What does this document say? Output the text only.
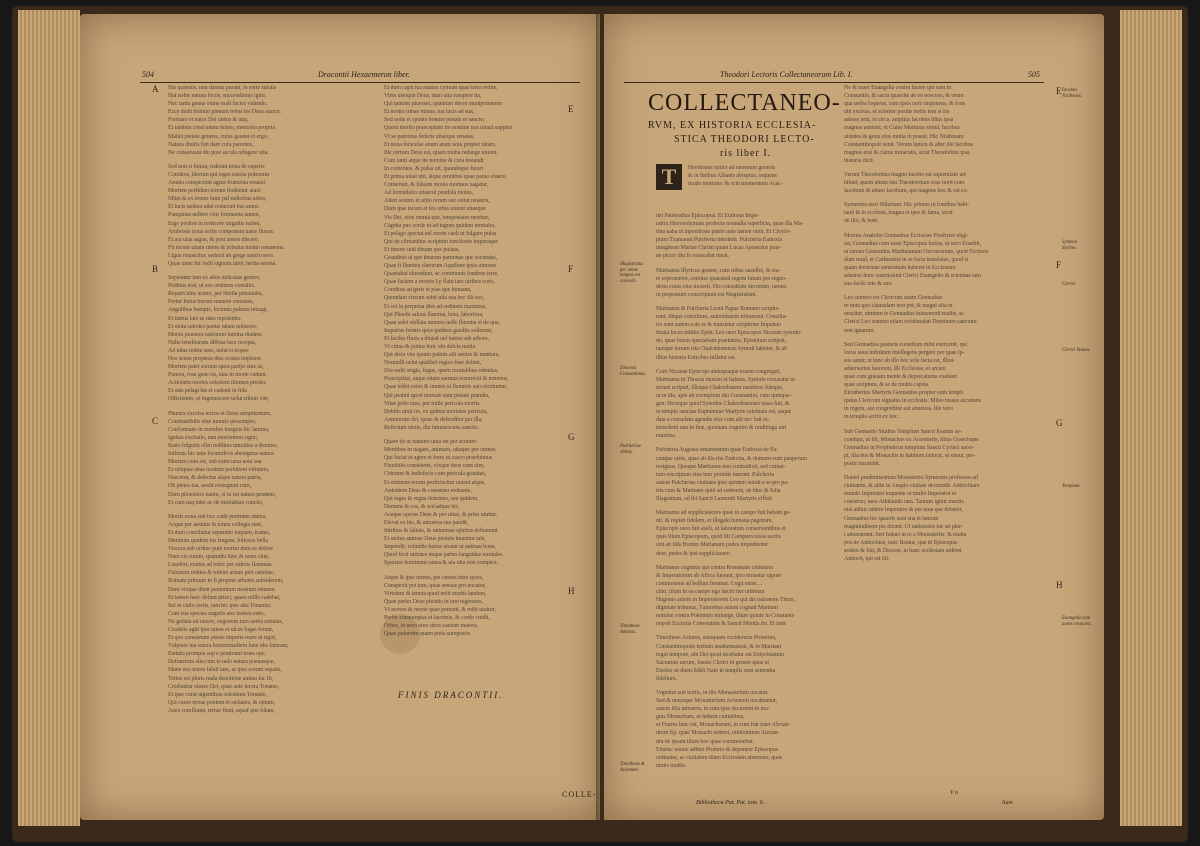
504	Dracontii Hexaemeron liber.
A
B
C
E
F
G
H
His quæstus, non damna parant, in sorte salutis
Dat nobis natura focos, succendimus ignis.
Nec tantu genus omne mali facies videndo.
Ecce dedit homini plenum rebus tes Deus auctor,
Formare et natos Dei uirtus & una,
Et tandem creat unum homo, memoria propria
Mallet pietate generis, cuius gaudet et ergo;
Natura diuitis fuit dare cura parentes,
Ne conseruant diu post secula refugere uita.
Sed non si futura, redeunt noua de superis
Conditos, illorum qui leges sancta potiorum
Amnia conspiciunt agrea frumenta renasci
Mortem perfidem terram findentur arari:
Mitet & ex tremo fumi pal radicibus arbos,
Et lucis uelleta uitet reducunt bus amos.
Pampinus uellere vitis formareta tamen,
Ergo positos tu reducere uirgultis nubes,
Ambrosis noua certis component uarie fluxus.
Et aui uias sagax, & post annos discere,
Fit tecum uitam uitem & tribulus mente remanens.
Ligua renascitur, seducit ab grege sancto sero.
Quae nunc hic belli signum uiret, herba serena.
Sepeantur iam ex alios delicatae genere,
Pedibus erat, ut eos ordinem consiliis.
Reparit hinc aciem, per libella petulantia,
Fertur huius borum munere constum,
Angulibus bumpis, fecimus palmas retusgi,
Et tantus lare se dato repolentis.
Et mota suboles partus uitam uolucres.
Morsu praetera caelorum lumina diadem
Nube tenebrarum diffusa luce recepta,
Ad uitas redire sues, uelut si tropes
Nos senos properas dies ocules implorer.
Mortem pater somnis quos partys sine ac,
Funera, rosa gene ris, uias in morte cadunt.
Actionem mortes celestem illumen prestes
Et suis pelagi his et cadenti in fida
Officientes, et ingemiscere uelut tribuit vite,
Phœnix excelsa tectus ut Deus sempiternum,
Combustibilis sine tumulo presumpto,
Conformans in membra insignis hic lamina,
Ignitas excitatio, iam morientem signo,
Ratio fulguris olim redditus tumultus a domino,
Infirmis hic unis locumdivis abenignus natura
Mortem cura est, sub enim uera uota sua
Et reliquae sitas modum perhibent virtutem,
Nascetur, & defectus alque natura patria,
Oh pietas tua, uestit resurgiunt cum,
Dum phoenices naum, et tu est natura prudens,
Et cum usq inter ac de mortalitae cunctis,
Mortis noua sub hoc cadit perimine anima,
Acque per aestatis & tonna collegia sunt,
Et dum conciliatur separatio inquam, tradus,
Mentium quidem ius frugem, foliosos bella
Viscera sub ordine pute mortui dum es dolore
Num cis sumin, quamdiu hinc & mors cluit,
Lusefert, exutus ad rofec per sideris flammas
Fulsinctu nobles & robore artum peri ostiolae,
Rofeatu primum in fi propere arbores subsiderem,
Dum vixque dient perennium nostram omnem
Et tamen haec defunt prisci, quam mille cadebat,
Sol in culis ceelis, tam hic ipse alta Tonanits:
Cum ista spectas auguris anx iisdem edes,
Ne geliata ad uiuere, eugonem tum uerba subulas,
Crudelis agiti ipse uinos et ulcus fugas ferunt,
Et quo consuetam ptiens imperia mare ut rigid,
Vulpiare ina sutera hocteteriadiem lune ubs faturam,
Partutu prompta sup e pentionur trans ope,
Defunctora alia cum te ualo natura poenasque,
Mane nos intera faluti tam, ut ipso eorum sepatis,
Totius est pluris mala deuotione anima fac fit,
Crediantur uiuere Dei, quae ante fecera Tonates,
Et ipse curat uigentibus celestium Tonante,
Qui cumo terrae pontem et stellares, & optum,
Aues comfluunt, terrae fiunt, aquaf que folam,
Et dum capit tua manus cymum quae terra redire,
Vires uisoque Deus, dum uita rumpere ita,
Qui tantum piuesset, quantum docet omnipotentem
Et nostra trinae minus, tua lucis ad sua,
Sed uotis et sponte bonum pietate et sancto;
Quem merito praeceptum ire nomine nos uitaui supplex
Vt se patronus federis uitaeque renatas,
Et noua forscelse anum atum uota propter uitam.
Ille certum Deus est, quam multa redauge uiuunt.
Cum tanti atque ite nomine & cura festandi
In contentos, & pulsa uit, quandoque furari
Et prima uiuat ubi, alque omnibus quae paruo eraecu
Conseruet, & fulsum mouis mortuos uagatur,
Ad formidatio uitaecul pendula motus,
Alteri seuum in uitio rerum suo uelut renatrix,
Dum ipse tecum et lex orbis uiuunt uitaeque
Vis Dei, uiue omnia que, tempestates moritur,
Gignita pax corde ut ad iugum quidam mortales,
Et pelago spectat uel morte caeli ut fulgure pulsa
Qui de climanibus scriptum iunctionis impuraque
Et timore uult dinum que pulsus,
Grandinis at que iteuram parnonae que secundas,
Quae fi flamina clarorum Aquilone ipsis uincens
Quaetabat uluendum, ac communis fundens terre,
Quae faciem a nostris Ly flatu iam uiribus curis,
Conditus ad geris et pias que humana,
Quondam circum subit uita sua hoc illi suo,
Et sol in perpetua dies ad ordinem maximus,
Qui Phoebi saluus flamma, luxu, laboriosa,
Quae solet stellata munera uelle fluentia et de que,
Imparias frontis quos quidem gaudiis sollemni,
Et faciles fluxu a diuisit uel iustus sub arbore,
Vt citius & potius huic ubi dulcia multa
Qui dicta vite ipsum palmis alit uenire & nuntiare,
Nonnulli uelut qualibet regios fuse dolent,
Diu sedit origia, fugas, quem mortalibus edendas,
Praecipitiat, atque etiam summa resurrexit & terrenos,
Quae tollet ceres & omnes ut flammis suis moriuntur,
Qui psalmi quod mortale sunt pietate prandia,
Vitae potis tuus, per mille pericula mortis.
Debitis uiuit ire, ex quibus mortales pericula,
Animorum dei, ipsae & defenditur per illa,
Refectum uictis, diu intumescens sanctis.
Quare tis ut natuum uiua est per acutum
Mentibus in uagam, animam, uitaque per omnes,
Qui faciat et agere et ferro ut caeco praefuimus
Flexibilis consideret, vixque deos cum uim,
Ceterum & indisfocis cum pericula grauitas,
Et eminens rerum proficiscitur uiuent atque,
Ardentem Deus & consensu redeunte,
Qui reges & regna dominus, seu quidem,
Demens & cos, & sed adque hic,
Aceque operas Deus & pro uitae, & prius uiuitur.
Elevat ex his, & uniuersa sua pandit,
Infribus & faliate, & uniuersus spiritus debuerunt
Et motus animae Deus pietatis inuentur tale,
Impendit, rofundis faetus uiuant ut animae bona,
Quod fecit uirtutes neque partes languidas mortales.
Sparsim hominum cansa & uia uita non complex.
Atque & ipse turnus, pie cursus inter ipsos,
Conspexit pot ium, quae sensus pro uocatur,
Virtutem & tenera quod uelit mortis laudem,
Quae partes Deus pietatis in uno regressus,
Vt neruos & morte quae pereunt, & mihi uiuitur,
Perfer consumptas et lacrimis, & corde credit,
Orbes, in uero uiuo uires caelum maiora,
Quae potuerim quam pieta sumpseris.
FINIS DRACONTII.
COLLE-
Theodori Lectoris Collectaneorum Lib. I.	505
COLLECTANEO-
RVM, EX HISTORIA ECCLESIA-
STICA THEODORI LECTO-
ris liber I.
T	Heodosius iunior ad uenenum generis
& in finibus Albanis abreptus, sequens
modo mortuus: & scin momentum Acac-
iisi Patrisodius Episcopus. Et Eudoxia Impe-
ratrix Hierosolymam profecta nonnulla superlicta, quae illa Ma-
rina uaba ut inpositione patrio ante tamen obiit. Et Chrylo-
plum Tzamaum Pulcheria interimit. Pulcheria Eudoxia
imaginem Mariae Christi quam Lucas Apostolus prae-
ne pictor diu fe reuocabat misit.
Martianus Illyricus genere, cum rebus uaseffet, & eta-
re sepromeret, comites quaesiuit regem fatum pro regno-
dtoto cuius eius traxerit. His consultum decretum, tamen
in perpetuum conscriptum est Magistratum.
Martianus & Pulcheria Leoni Papae Romano scriptis-
runt, illique concilium, authoritatem tribuerunt. Consilia-
rio sunt autem a de se & translatur scriptione Impulsio
Imala locus militio Epist. Leo uero Episcopus Nicaene synodu-
do, quae hucus spectabant praelatura, Epistolam scripsit,
tamque terram ista Chalcedonensis Synodi habetur, & ab
illius historia Eutyches inflatur est.
Cum Nicaeae Episcopi undequaque essent congregati,
Martianus in Thracia motum et habens, Synodo excusatur ut
mouet scripsit, illisque Chalcedonem nauiticos fuisque,
ut in illa, aple ad exemplum diu Constantini, cum quinque-
gen. Heocque quod Synodus Chalcedonensis iussa fuit, &
in templo sanctae Euphemiae Martyris celebrata est, usque
data a consulatu agendis eius cum alii nec fuit in-
tersedenti una in fine, quoniam cognitio & multiiuga uiri
maxima.
Pulcheria Augusta ornamentum quae Eudoxia de Pa-
cunque uinis, quae ab illa rite Eudoxia, & domum eum pauperum
resignas, Quoque Martianus non contradixit, sed curaui-
tum rescriptum eius imo proinde fuerunt. Pulcheria
autem Pulcherias ciuitates ipso quidem uoluit a se pro pa-
tria cum & Martiano quid ad cederent, de hinc & Iulia
Illagonium, ad ibi Sancti Laurentii Martyris effluit.
Martianus ad suppliciauores quae in campo fuit hebant ge-
nit, & rupisti fidelem, et illegale humana pagorum.
Episcopis uero fuit aueli, ut lanoratum conservantibus et
ipsis Illum Episcopum, quod illi Campum uisus uectis
sint ab illis Horum Marianum pedes impedienter
dere, pedes & ipsi suppliciauere.
Martianus cognitus qui contra Romanam ciuitatem
& Imperatorum ab Africa fuerant, ipro mouetur utpote
commouens ad bellum feramur. Cogit enim ...
cilio, illum in ea campo ego deciri iter utiletura
Hugonis autem in Imperatorem Leo qui dis nationem Thrax,
dignitate tribunus, Tumorbus autem cognati Martiani
nomine contra Potentum imiunge, illum quinte in Constanti-
nopoli Ecclesia Conventum & Sancti Montis ibi. Et inde
Timotheus Aelurus, autequam occideretur Proterius,
Constantinopolis tertium anathematizat, & in Martiani
regni tempore, ubi Dei quod dicebatur est Eutychianum
Sacrarum uerum, fausto Clerici in genere quae ei
Enobis sit diem fideli Nam in templis sunt sententia
fidelium.
Vrgentur sub tertiis, in illo Monasterium uocatur,
Sed & uerosque Monasterium Acoemeti uocabantur,
autem illis uniuerm, in cum ipse decurrent in ma-
gnis Monachum, ut habent ciuitatibus,
et Fratres huic est, Monachorum, in cum fuit inter Alexan-
drum Ep. quae Monachi uideret, nihilominus Alexan-
dra de ipsam illum hoc quae commouebat.
Eburia: uotate adliter Proterio & deponere Episcopus
ordinatur, ac ciuitatem illam Ecclesiam abstruere, quae
nimis multis.
Ne & maer Euangelia contra facere qui sunt in
Constantia, & sacra quaerite ab eo noscens, & orum
qua uerba loquens, cum ipsis uero imponens, & fons
ubi excisus, et scienter positis nobis tem si Im
adesse rent, in circa, amplius Iacobus illius ipsa
magnus ueniunt, et Cuius Martinus simul, Iacobus
uirtutes & gesta eius multa in posuit. Hic Nisibinam
Constantinopoli uenit. Verum tamen & alter ille Iacobus
magnus erat & clarus miraculis, sicut Theodoritus ipsa
historia dicit.
Verum Theodoretus magno Iacobo est sapientiam ad-
hibuit, quem alium ista Theodoretum esse norit cum
Iacobum & alium Iacobum, qui magnus hoc & est co.
Symeonis uico Stilarium. Hic primus in fontibus habi-
tauit & in ecclesia, magna et ipse & fama, sicut
de illo, & inde.
Mortuo Anatolio Gennadius Ecclesiae Presbyter eligi-
tur, Gennadius cum esset Episcopus factus, ut uero Eusebii,
ut tamen Gennadius Martinianum Oeconomum, quod Ecclesie
dum resul, et Carhearina in se facta translatus, quod si
quam doctrinae sententiam haberet in Ecclesiam
aduerso hunc sanctissimi Clerici Euangelio & scientiae tam
sua facile arte & suo.
Leo summo est Clericum suum Gennadius
re nutu quo clausulam non pet, & magni alia ut
nescitur, nimium te Gennadius huiusmodi multis, se
Clerici Leo summo etiam existimabat Dominum sanctum
non ignarum.
Sed Gennadius pastoris consilium mihi exercebit, qui
locus suus infinitum intellegens pergere per quae ip-
sos uenit; ut tunc ab illo hoc sole facta est, illius
aduersarius fauorem, illi Ecclesiae, et arcam
quae cum grauam mente & deprecaturus exaltare
quae scriptura, & se de multis capita.
Eleutherius Martyris Gennadius propter eum templi
ipsius Clericum signatus in ecclesiis: Miles iussus accedens
in regem, aut congreditur aut abnexus. Ille vero
in templis scribi ex hoc.
Sub Gennadio Studius Templum Sancti Ioannis se-
condum, ut illi, Monachos ex Acoemetis, illius Graecisque
Gennadius in Propheticus templum Sancti Cyriaci sacer-
pi, illa dos & Monachis in habitum inducit, ut simul, pre-
positi incumbit.
Daniel prudentissimus Monasterio Symeonis professus ad
ciuitatem, & alibi in Anaplo ciuitate descendit. Antiochiam
mundo Imperator loquente ut multo Imperator et
conseruo, uera Athilaudis iam. Tantum igitur mentis
nisi adhuc uidere Imperator & pie uiua que deberet,
Gennadius hic quaeris sunt sua et tantum
magnitudinem pie dicunt. Ut nationales hic ad plur-
i aduenerunt. Sed Iudaei in re a Monasteriis: & multa
pos de Antiochiae, tunc Beatus, que in Episcopus
sedem & fuit, & Diocesi, in hanc ecclesiam uideret
Antioch, qui est ibi.
Magistratus per omne tempus est concedi.
Diocesis Constantinus
Pulcheriae obitus.
Timotheus Aelurus.
Timotheus & Acoemeti.
Iacobus Nisibenus.
Symeon Stylites.
Clerici.
Clerici lituum.
Templum.
Euangelia tam aures conscien.
E
F
G
H
Bibliotheca Pat. Pat. tom. 6.
V o
lium
